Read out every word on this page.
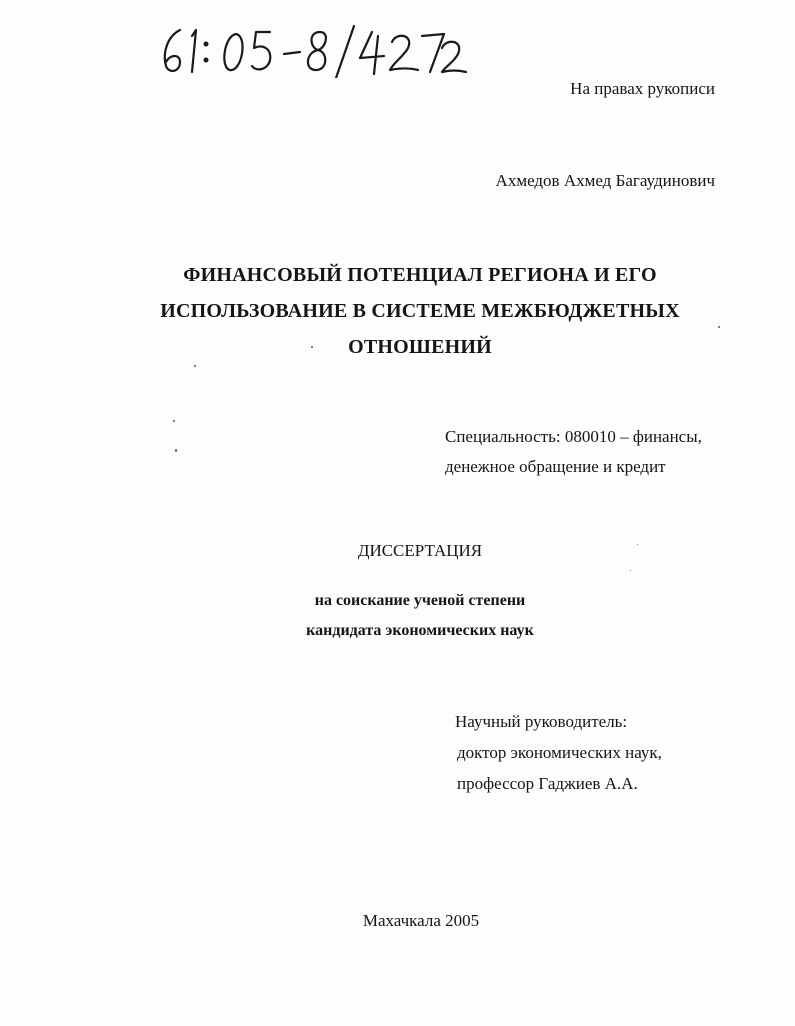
На правах рукописи
Ахмедов Ахмед Багаудинович
ФИНАНСОВЫЙ ПОТЕНЦИАЛ РЕГИОНА И ЕГО
ИСПОЛЬЗОВАНИЕ В СИСТЕМЕ МЕЖБЮДЖЕТНЫХ
ОТНОШЕНИЙ
Специальность: 080010 – финансы,
денежное обращение и кредит
ДИССЕРТАЦИЯ
на соискание ученой степени
кандидата экономических наук
Научный руководитель:
доктор экономических наук,
профессор Гаджиев А.А.
Махачкала 2005
